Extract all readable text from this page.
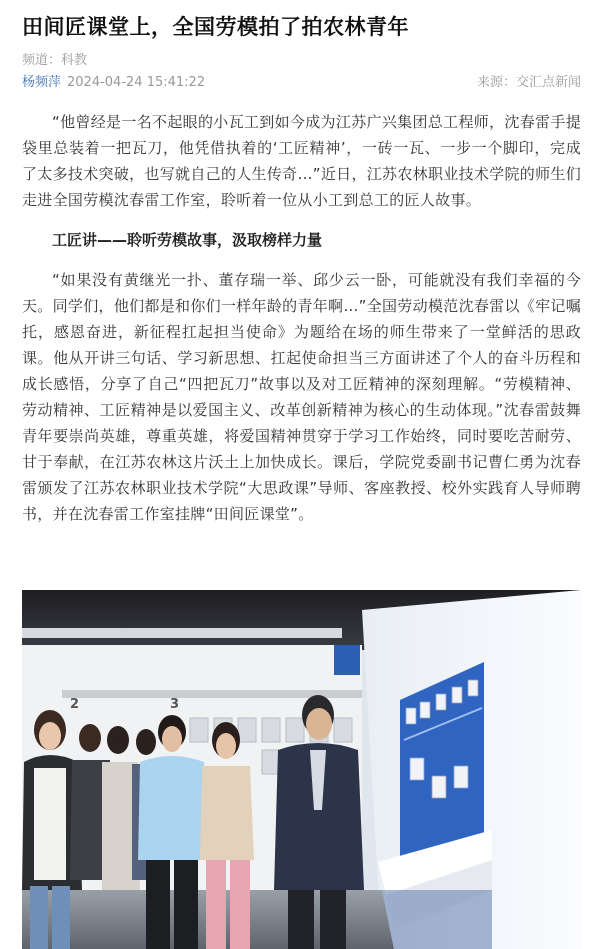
田间匠课堂上，全国劳模拍了拍农林青年
频道：科教
杨频萍 2024-04-24 15:41:22	来源：交汇点新闻

“他曾经是一名不起眼的小瓦工到如今成为江苏广兴集团总工程师，沈春雷手提袋里总装着一把瓦刀，他凭借执着的‘工匠精神’，一砖一瓦、一步一个脚印，完成了太多技术突破，也写就自己的人生传奇…”近日，江苏农林职业技术学院的师生们走进全国劳模沈春雷工作室，聆听着一位从小工到总工的匠人故事。

工匠讲——聆听劳模故事，汲取榜样力量

“如果没有黄继光一扑、董存瑞一举、邱少云一卧，可能就没有我们幸福的今天。同学们，他们都是和你们一样年龄的青年啊…”全国劳动模范沈春雷以《牢记嘱托，感恩奋进，新征程扛起担当使命》为题给在场的师生带来了一堂鲜活的思政课。他从开讲三句话、学习新思想、扛起使命担当三方面讲述了个人的奋斗历程和成长感悟，分享了自己“四把瓦刀”故事以及对工匠精神的深刻理解。“劳模精神、劳动精神、工匠精神是以爱国主义、改革创新精神为核心的生动体现。”沈春雷鼓舞青年要崇尚英雄，尊重英雄，将爱国精神贯穿于学习工作始终，同时要吃苦耐劳、甘于奉献，在江苏农林这片沃土上加快成长。课后，学院党委副书记曹仁勇为沈春雷颁发了江苏农林职业技术学院“大思政课”导师、客座教授、校外实践育人导师聘书，并在沈春雷工作室挂牌“田间匠课堂”。

2	3
